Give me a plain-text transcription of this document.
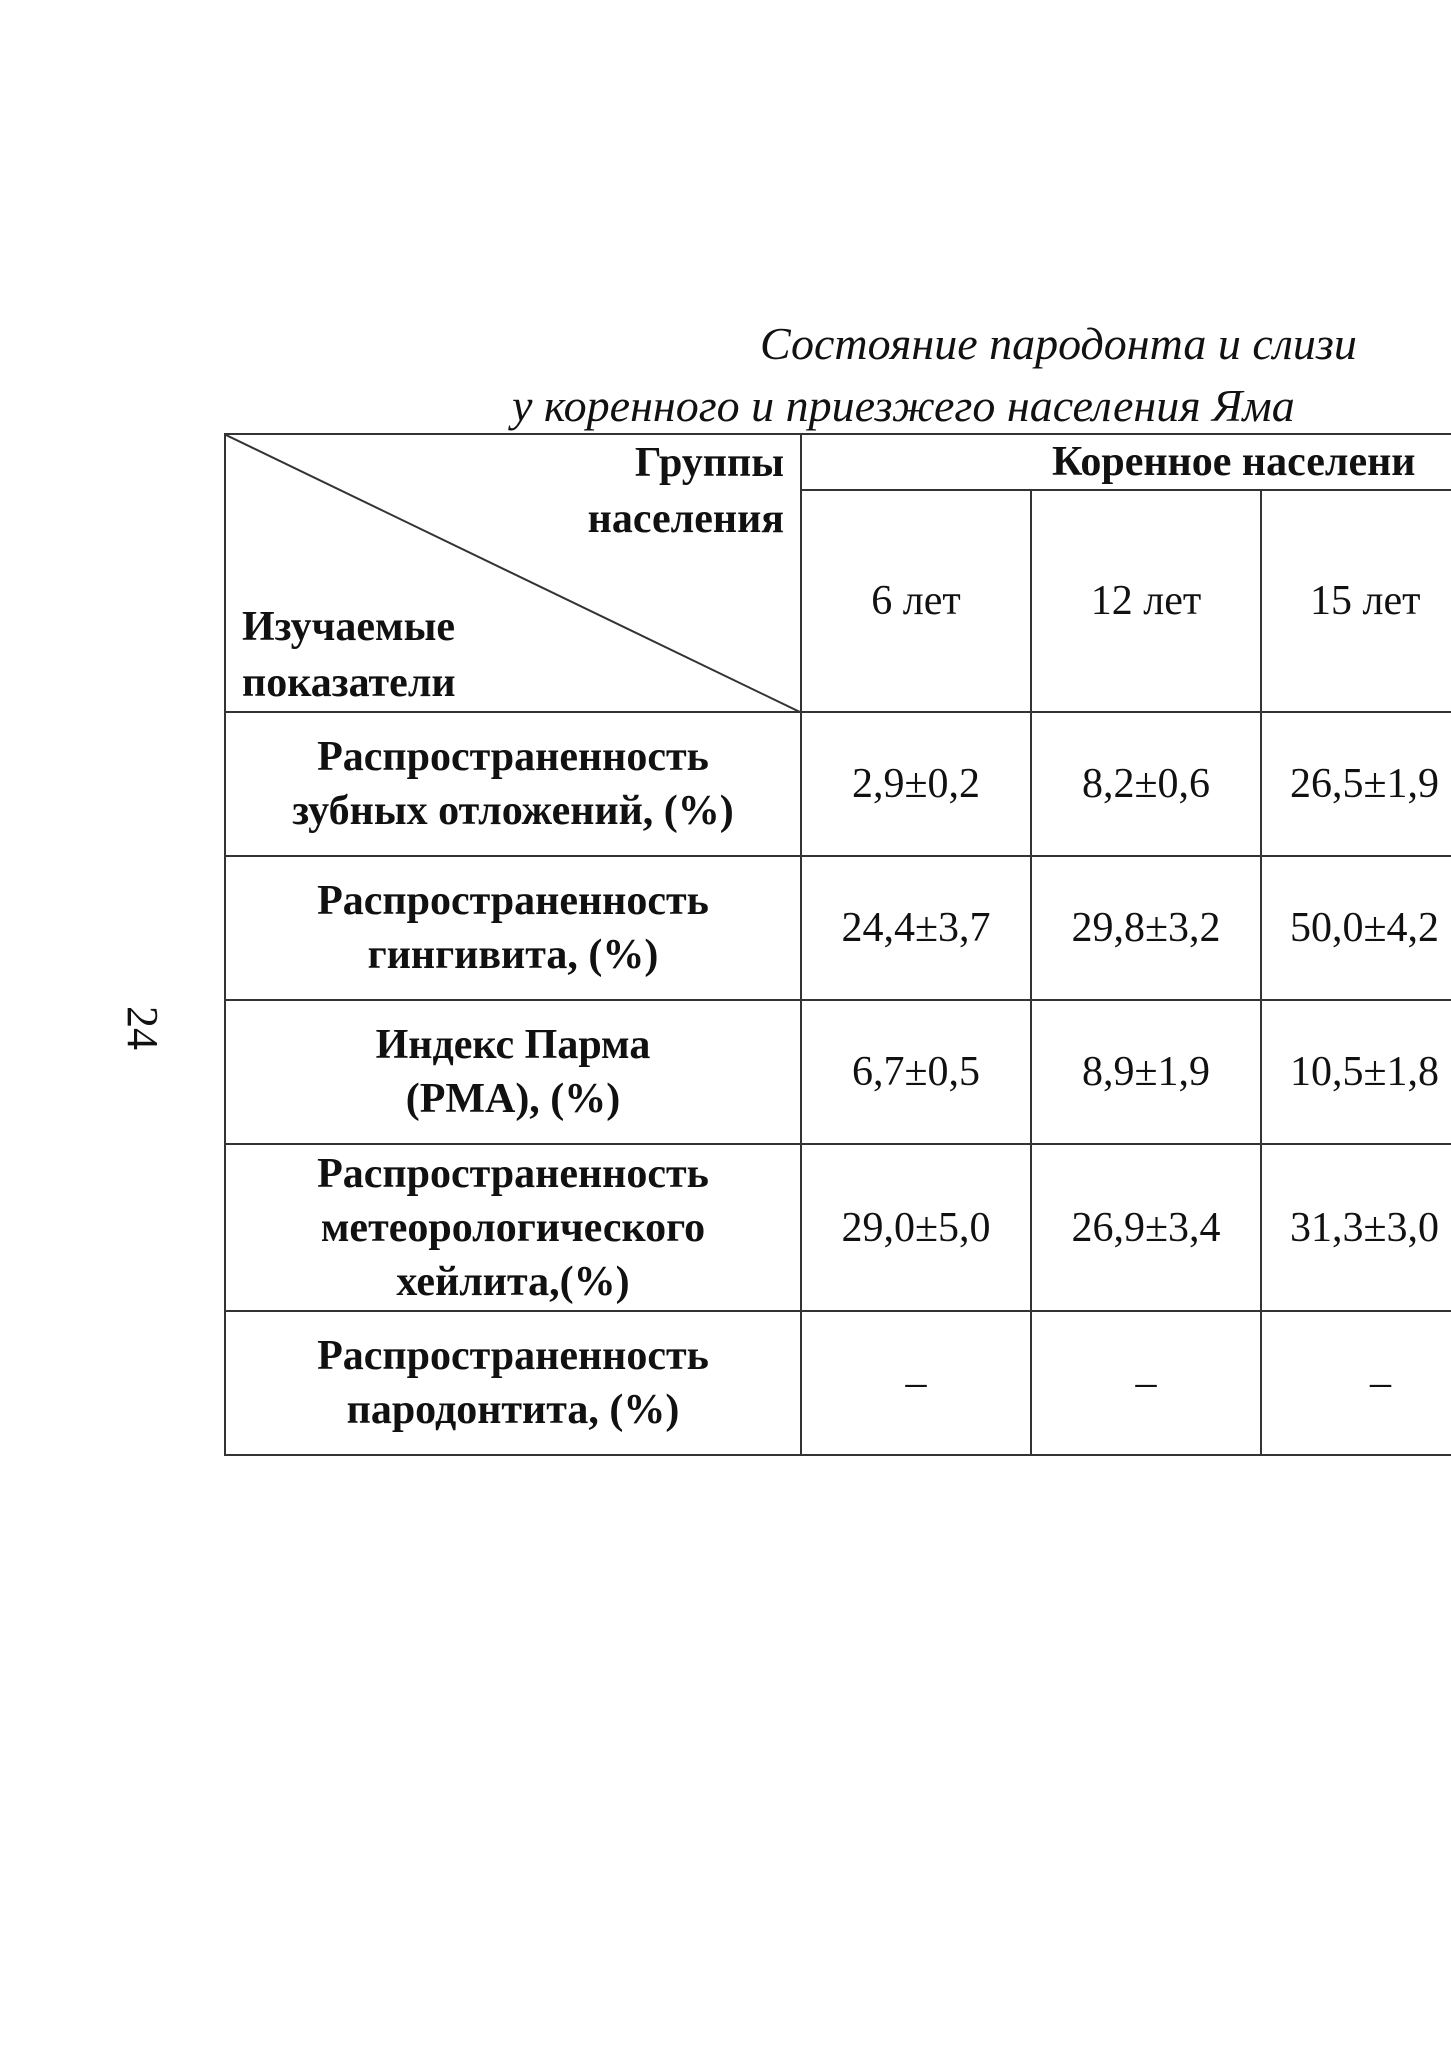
Состояние пародонта и слизи
у коренного и приезжего населения Яма
24
Группы
населения
Изучаемые
показатели	Коренное населени		
	6 лет	12 лет	15 лет

Распространенность
зубных отложений, (%)	2,9±0,2	8,2±0,6	26,5±1,9

Распространенность
гингивита, (%)	24,4±3,7	29,8±3,2	50,0±4,2

Индекс Парма
(PMA), (%)	6,7±0,5	8,9±1,9	10,5±1,8

Распространенность
метеорологического
хейлита,(%)	29,0±5,0	26,9±3,4	31,3±3,0

Распространенность
пародонтита, (%)	–	–	–
